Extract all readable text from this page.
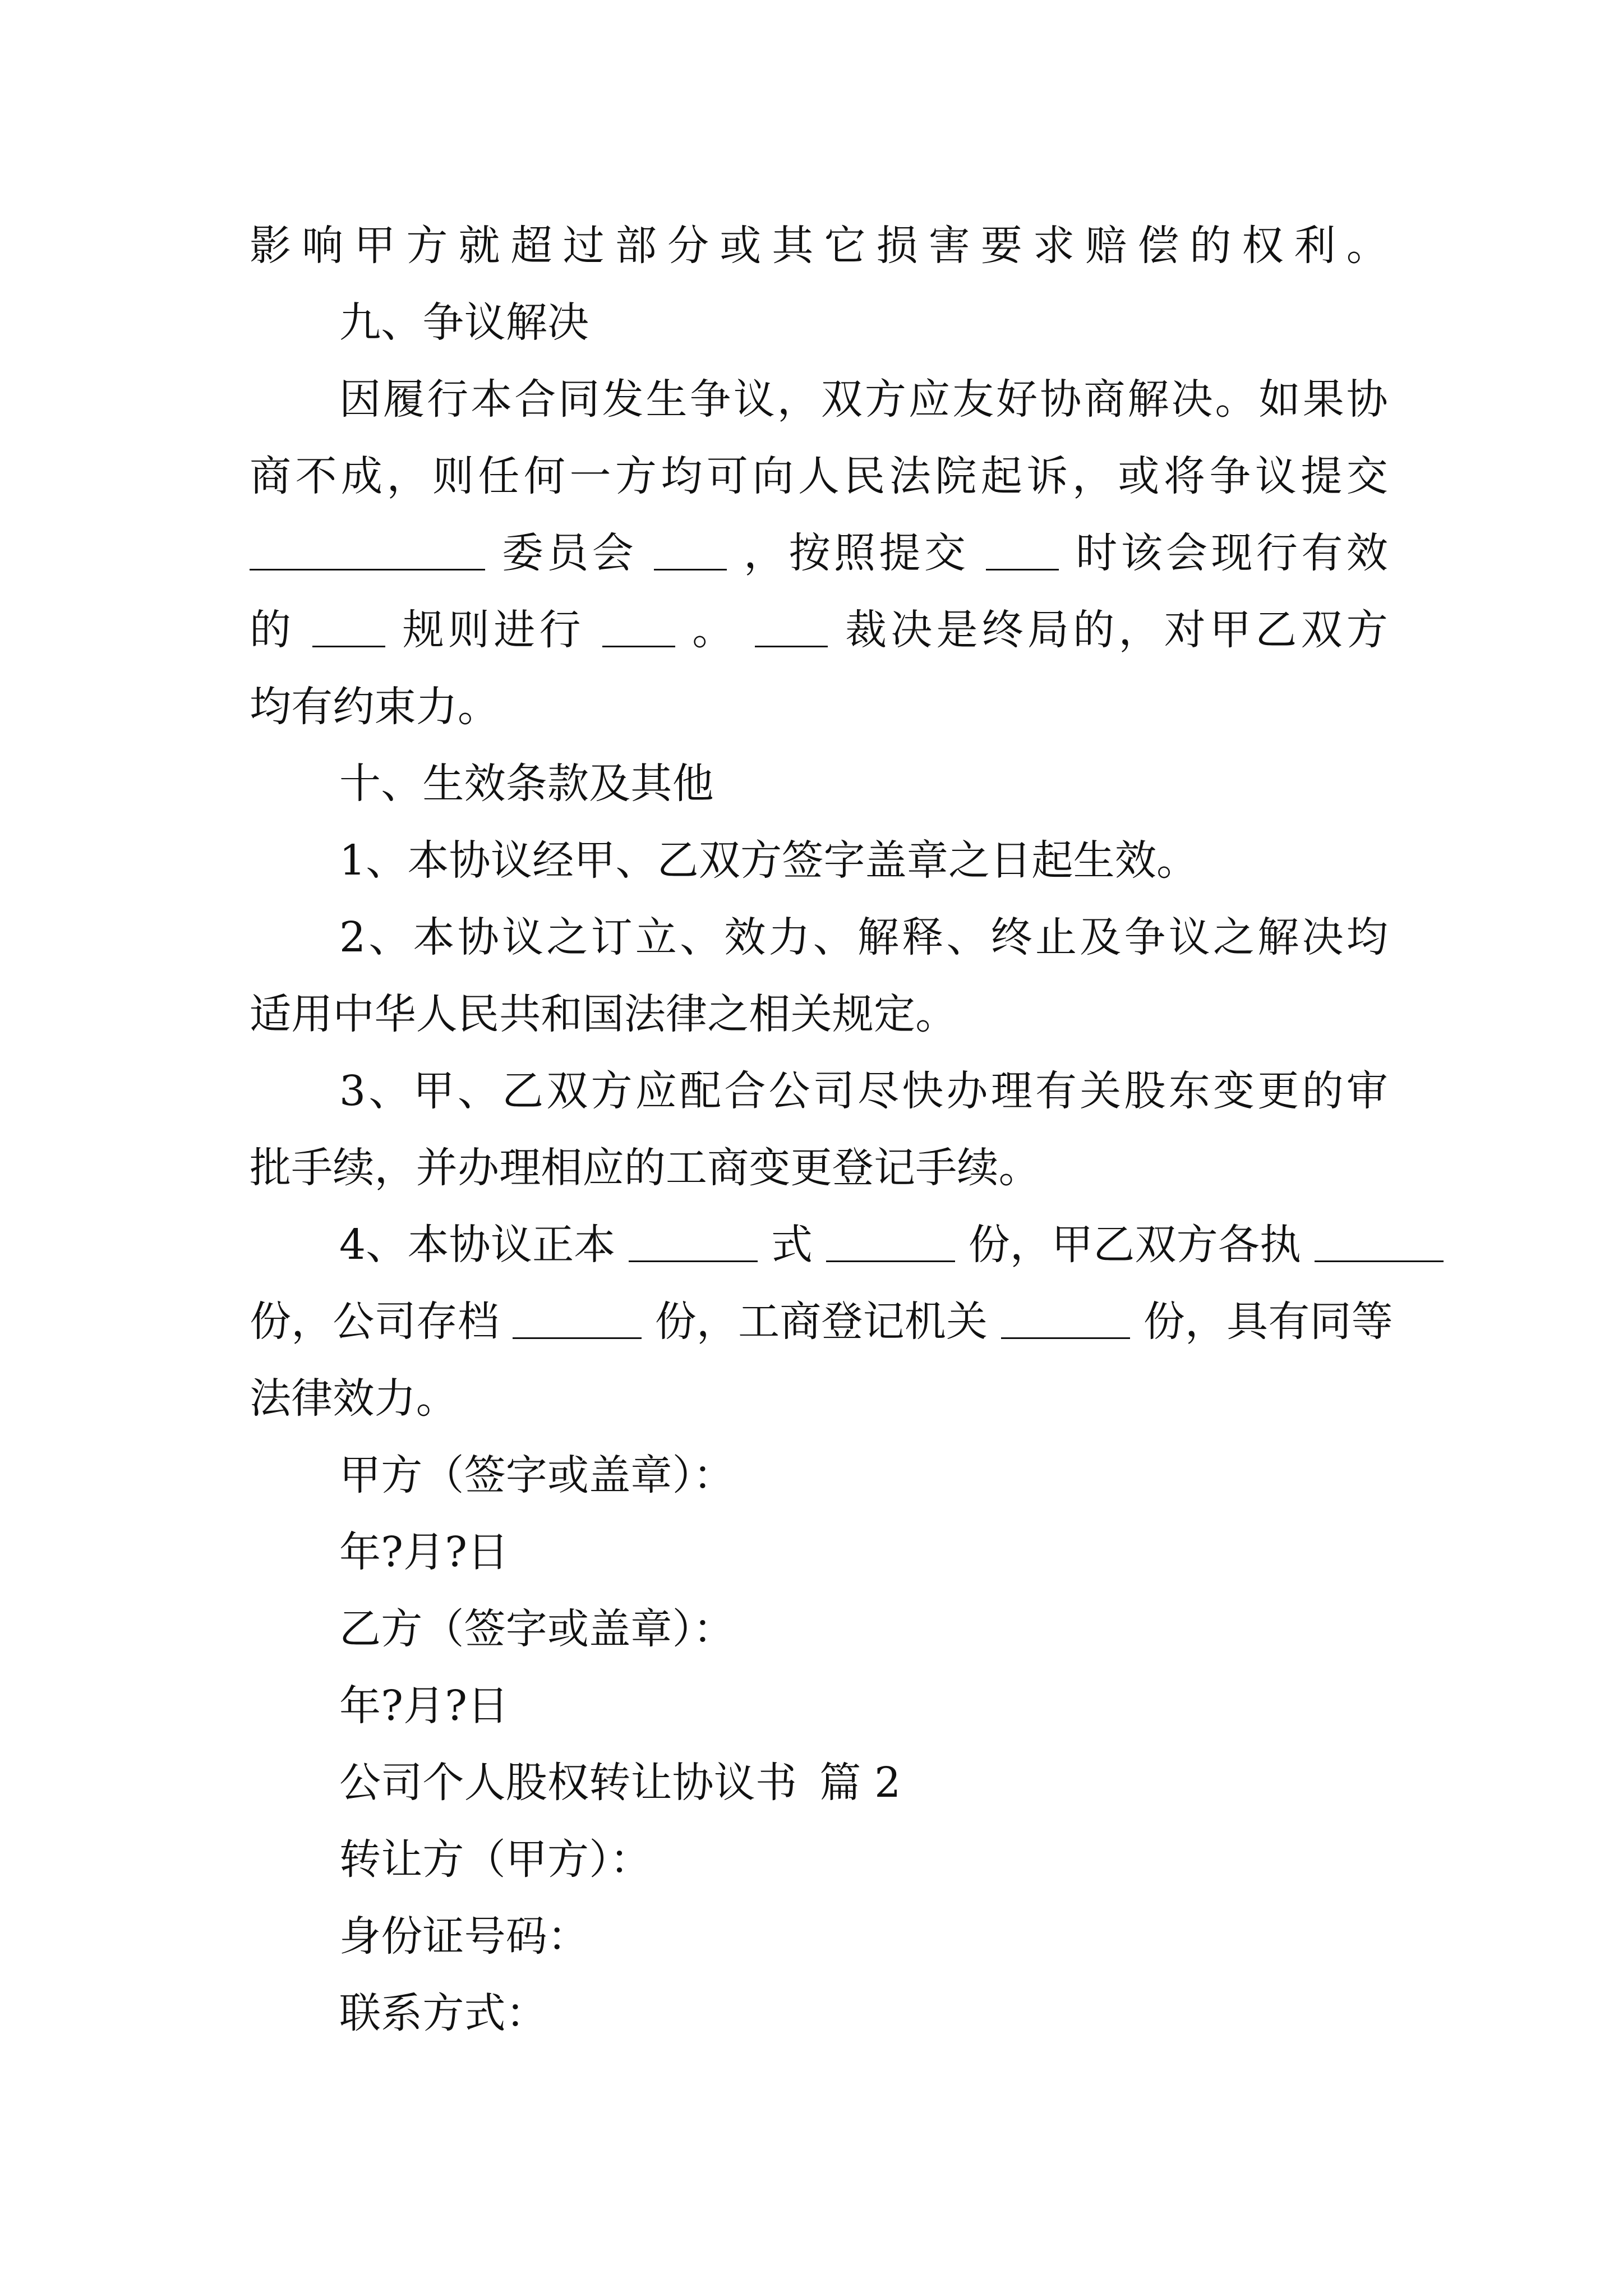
影响甲方就超过部分或其它损害要求赔偿的权利。
九、争议解决
因履行本合同发生争议，双方应友好协商解决。如果协
商不成，则任何一方均可向人民法院起诉，或将争议提交
委员会	，按照提交	时该会现行有效
的	规则进行	。	裁决是终局的，对甲乙双方
均有约束力。
十、生效条款及其他
1、本协议经甲、乙双方签字盖章之日起生效。
2、本协议之订立、效力、解释、终止及争议之解决均
适用中华人民共和国法律之相关规定。
3、甲、乙双方应配合公司尽快办理有关股东变更的审
批手续，并办理相应的工商变更登记手续。
4、本协议正本	式	份，甲乙双方各执
份，公司存档	份，工商登记机关	份，具有同等
法律效力。
甲方（签字或盖章）：
年?月?日
乙方（签字或盖章）：
年?月?日
公司个人股权转让协议书 篇 2
转让方（甲方）：
身份证号码：
联系方式：
